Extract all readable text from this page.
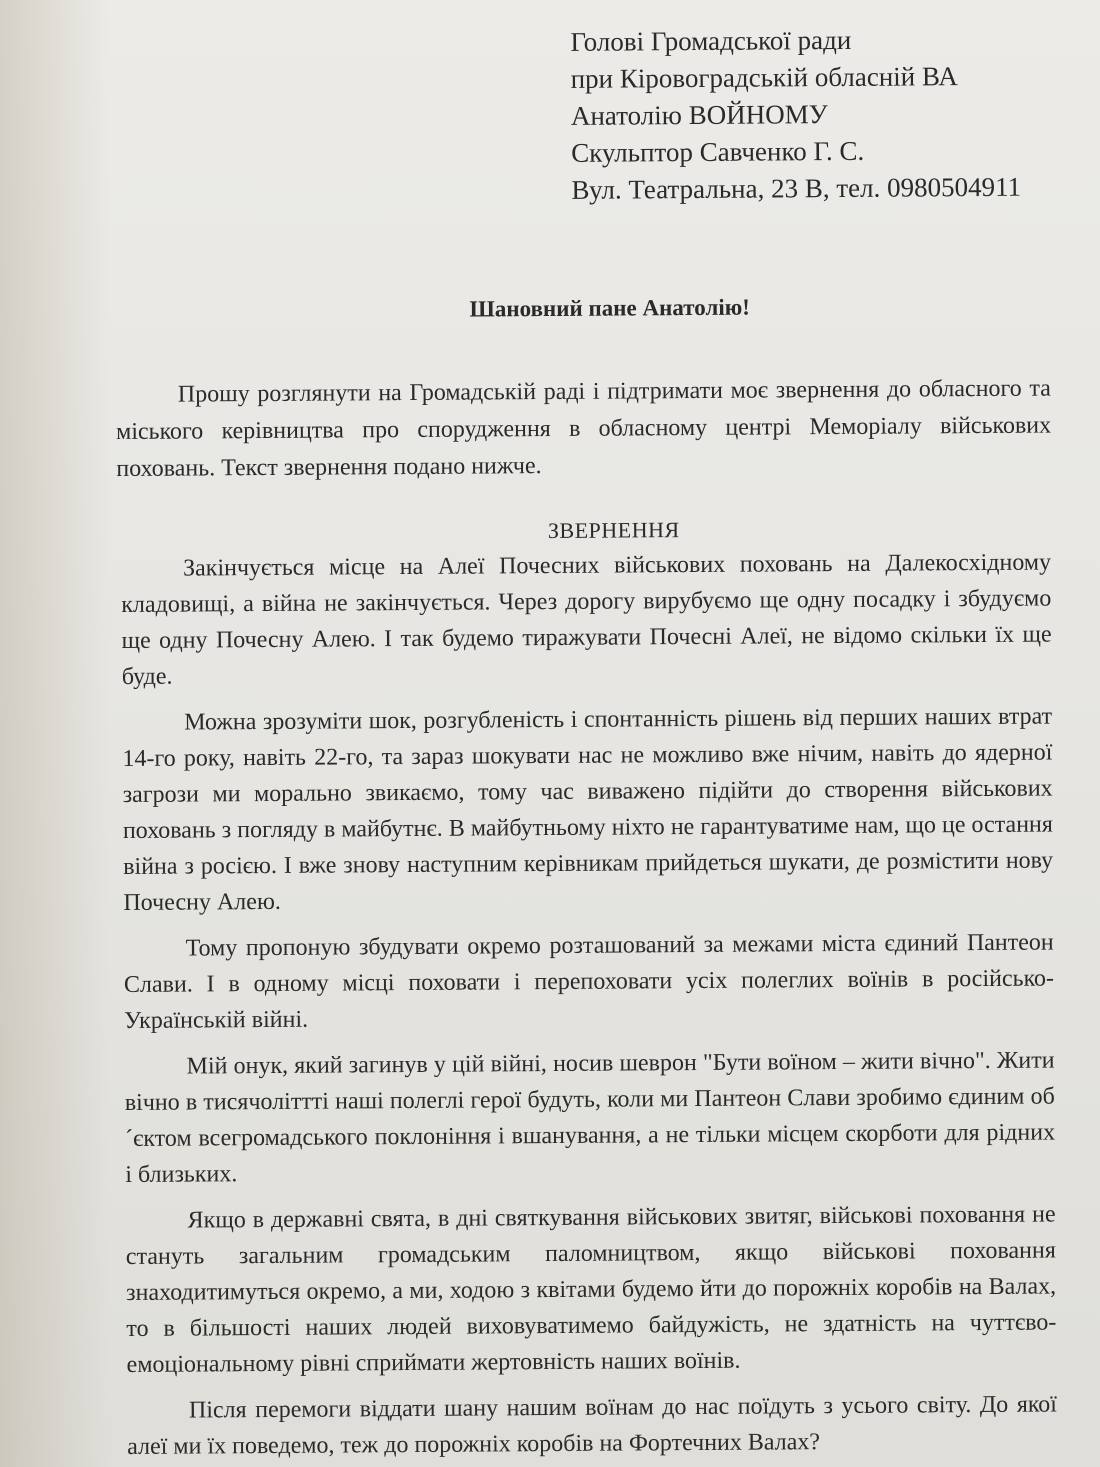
Голові Громадської ради
при Кіровоградській обласній ВА
Анатолію ВОЙНОМУ
Скульптор Савченко Г. С.
Вул. Театральна, 23 В, тел. 0980504911
Шановний пане Анатолію!
Прошу розглянути на Громадській раді і підтримати моє звернення до обласного та міського керівництва про спорудження в обласному центрі Меморіалу військових поховань. Текст звернення подано нижче.
ЗВЕРНЕННЯ

Закінчується місце на Алеї Почесних військових поховань на Далекосхідному кладовищі, а війна не закінчується. Через дорогу вирубуємо ще одну посадку і збудуємо ще одну Почесну Алею. І так будемо тиражувати Почесні Алеї, не відомо скільки їх ще буде.

Можна зрозуміти шок, розгубленість і спонтанність рішень від перших наших втрат 14-го року, навіть 22-го, та зараз шокувати нас не можливо вже нічим, навіть до ядерної загрози ми морально звикаємо, тому час виважено підійти до створення військових поховань з погляду в майбутнє. В майбутньому ніхто не гарантуватиме нам, що це остання війна з росією. І вже знову наступним керівникам прийдеться шукати, де розмістити нову Почесну Алею.

Тому пропоную збудувати окремо розташований за межами міста єдиний Пантеон Слави. І в одному місці поховати і перепоховати усіх полеглих воїнів в російсько-Українській війні.

Мій онук, який загинув у цій війні, носив шеврон "Бути воїном – жити вічно". Жити вічно в тисячоліттті наші полеглі герої будуть, коли ми Пантеон Слави зробимо єдиним об´єктом всегромадського поклоніння і вшанування, а не тільки місцем скорботи для рідних і близьких.

Якщо в державні свята, в дні святкування військових звитяг, військові поховання не стануть загальним громадським паломництвом, якщо військові поховання знаходитимуться окремо, а ми, ходою з квітами будемо йти до порожніх коробів на Валах, то в більшості наших людей виховуватимемо байдужість, не здатність на чуттєво-емоціональному рівні сприймати жертовність наших воїнів.

Після перемоги віддати шану нашим воїнам до нас поїдуть з усього світу. До якої алеї ми їх поведемо, теж до порожніх коробів на Фортечних Валах?
